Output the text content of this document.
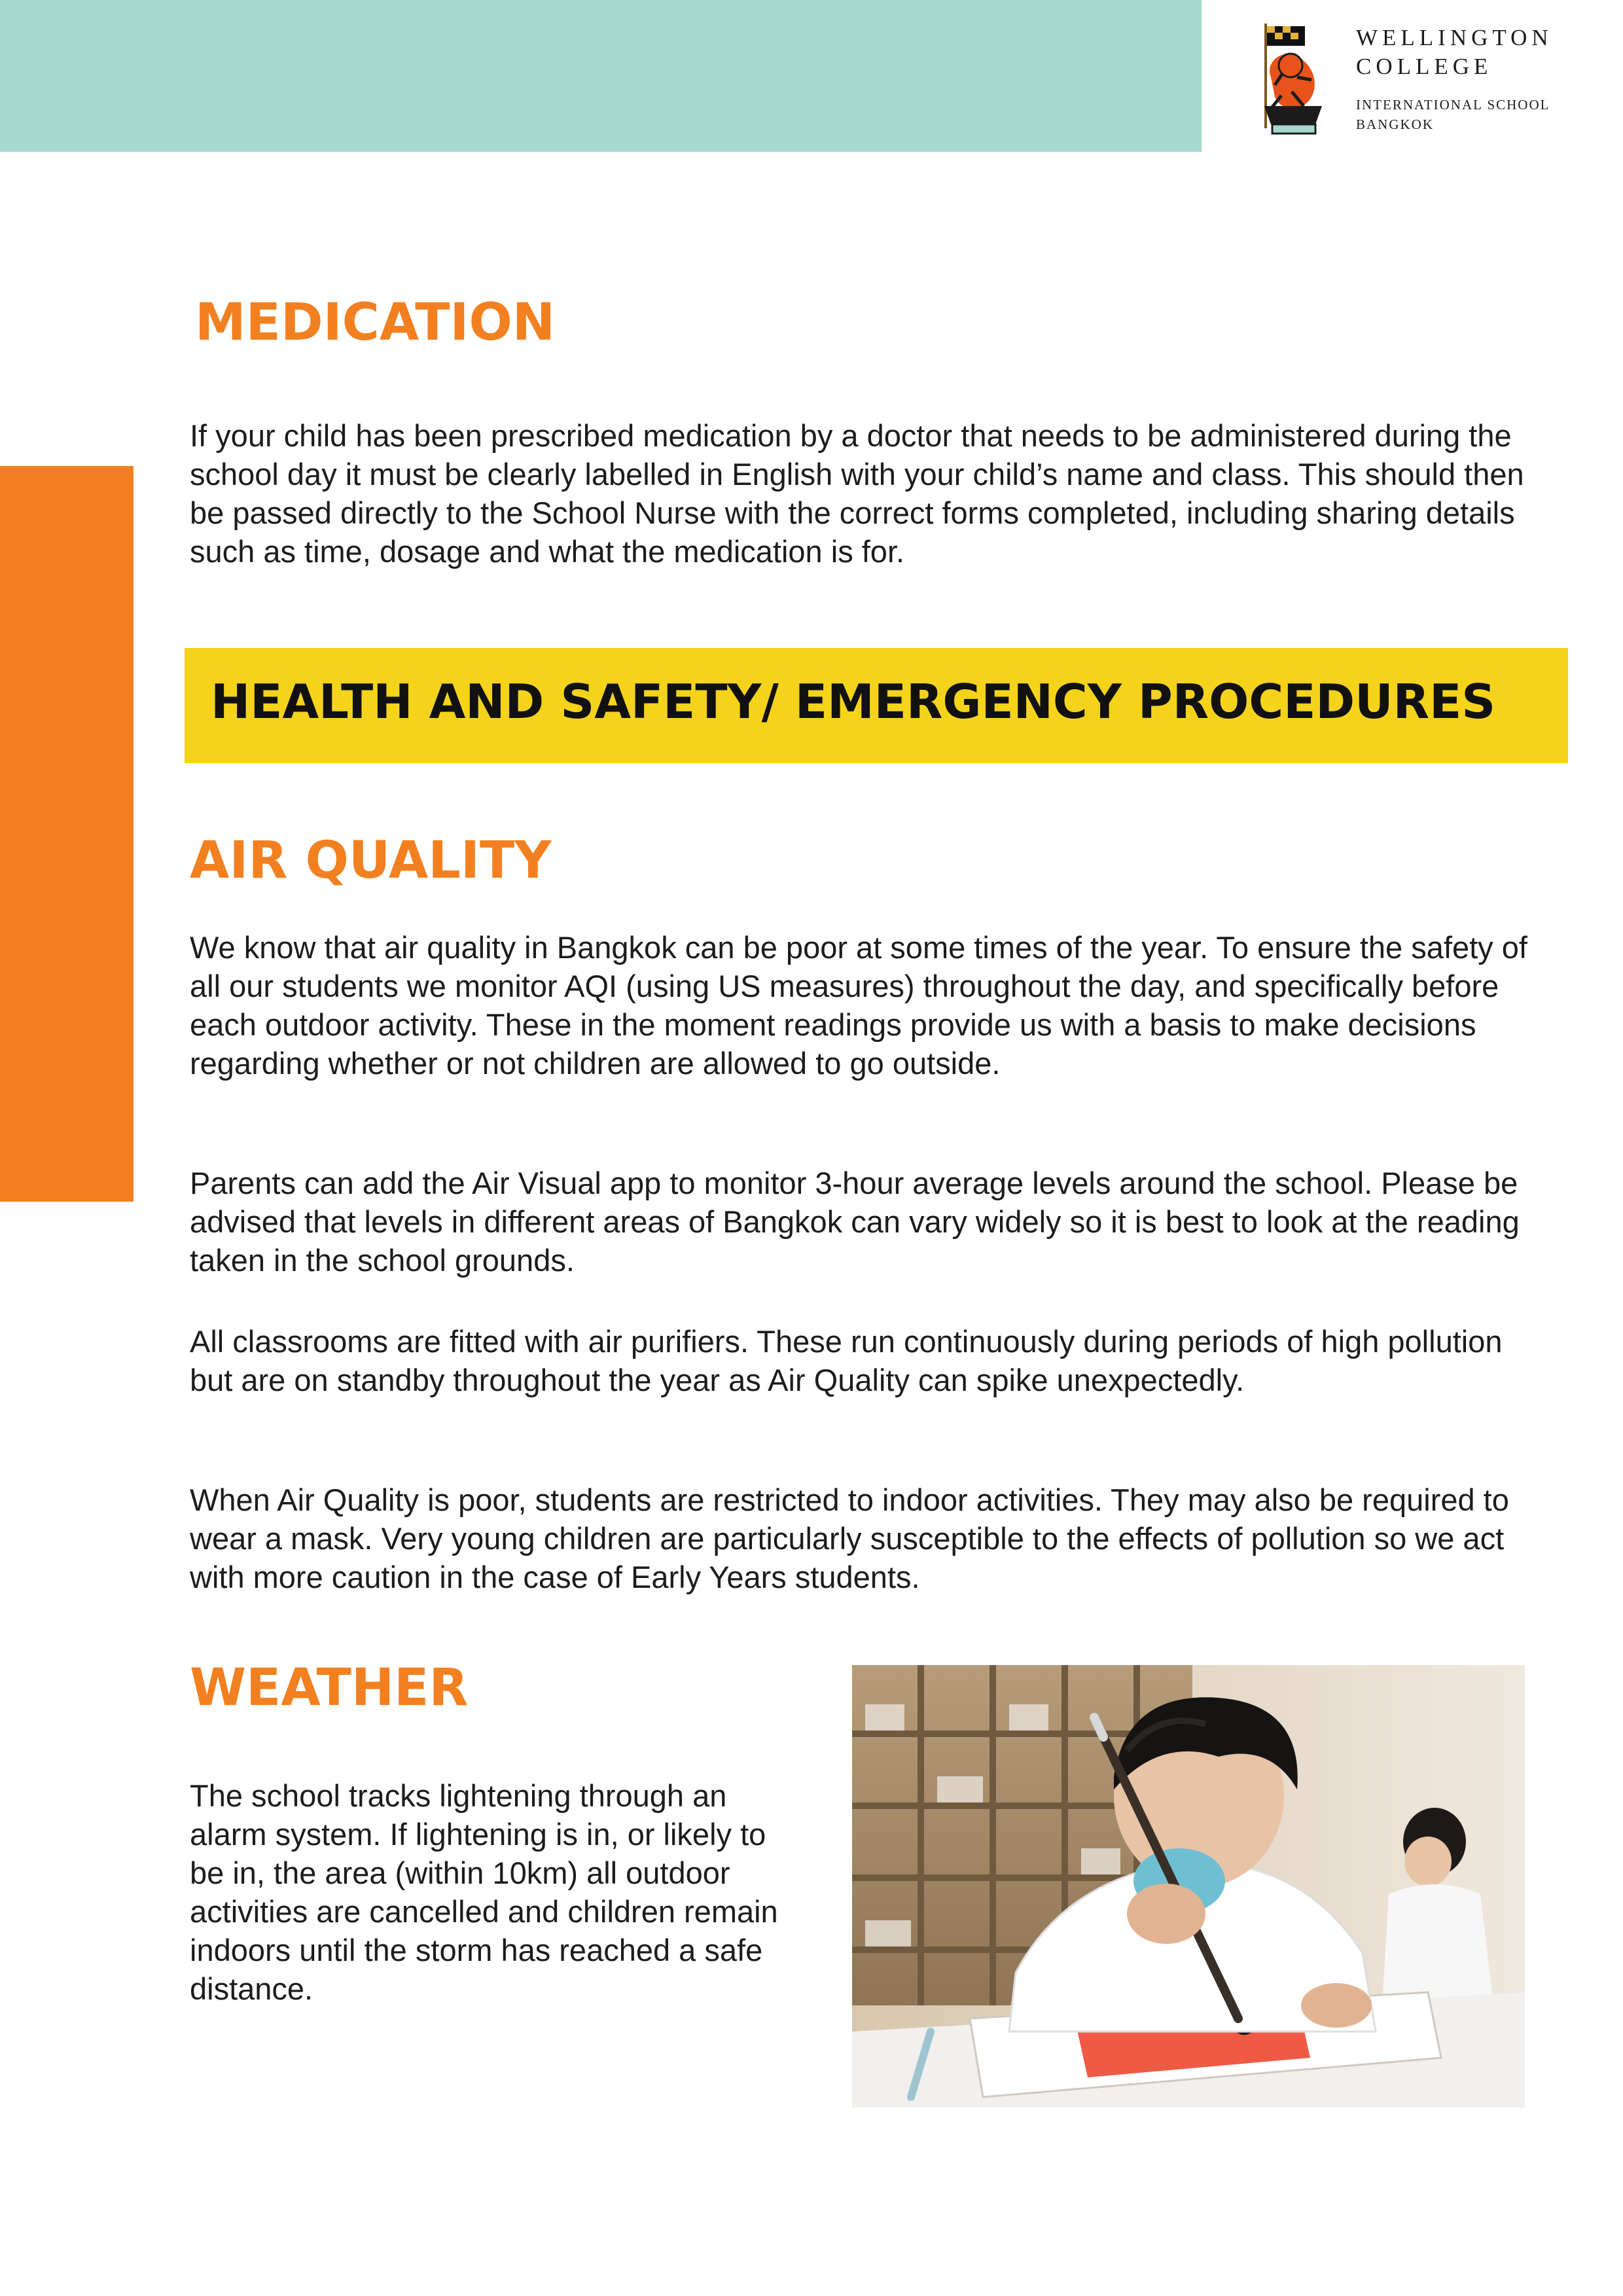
WELLINGTON
COLLEGE
INTERNATIONAL SCHOOL
BANGKOK
MEDICATION

If your child has been prescribed medication by a doctor that needs to be administered during the school day it must be clearly labelled in English with your child’s name and class. This should then be passed directly to the School Nurse with the correct forms completed, including sharing details such as time, dosage and what the medication is for.

HEALTH AND SAFETY/ EMERGENCY PROCEDURES
AIR QUALITY

We know that air quality in Bangkok can be poor at some times of the year. To ensure the safety of all our students we monitor AQI (using US measures) throughout the day, and specifically before each outdoor activity. These in the moment readings provide us with a basis to make decisions regarding whether or not children are allowed to go outside.

Parents can add the Air Visual app to monitor 3-hour average levels around the school. Please be advised that levels in different areas of Bangkok can vary widely so it is best to look at the reading taken in the school grounds.

All classrooms are fitted with air purifiers. These run continuously during periods of high pollution but are on standby throughout the year as Air Quality can spike unexpectedly.

When Air Quality is poor, students are restricted to indoor activities. They may also be required to wear a mask. Very young children are particularly susceptible to the effects of pollution so we act with more caution in the case of Early Years students.

WEATHER

The school tracks lightening through an alarm system. If lightening is in, or likely to be in, the area (within 10km) all outdoor activities are cancelled and children remain indoors until the storm has reached a safe distance.
